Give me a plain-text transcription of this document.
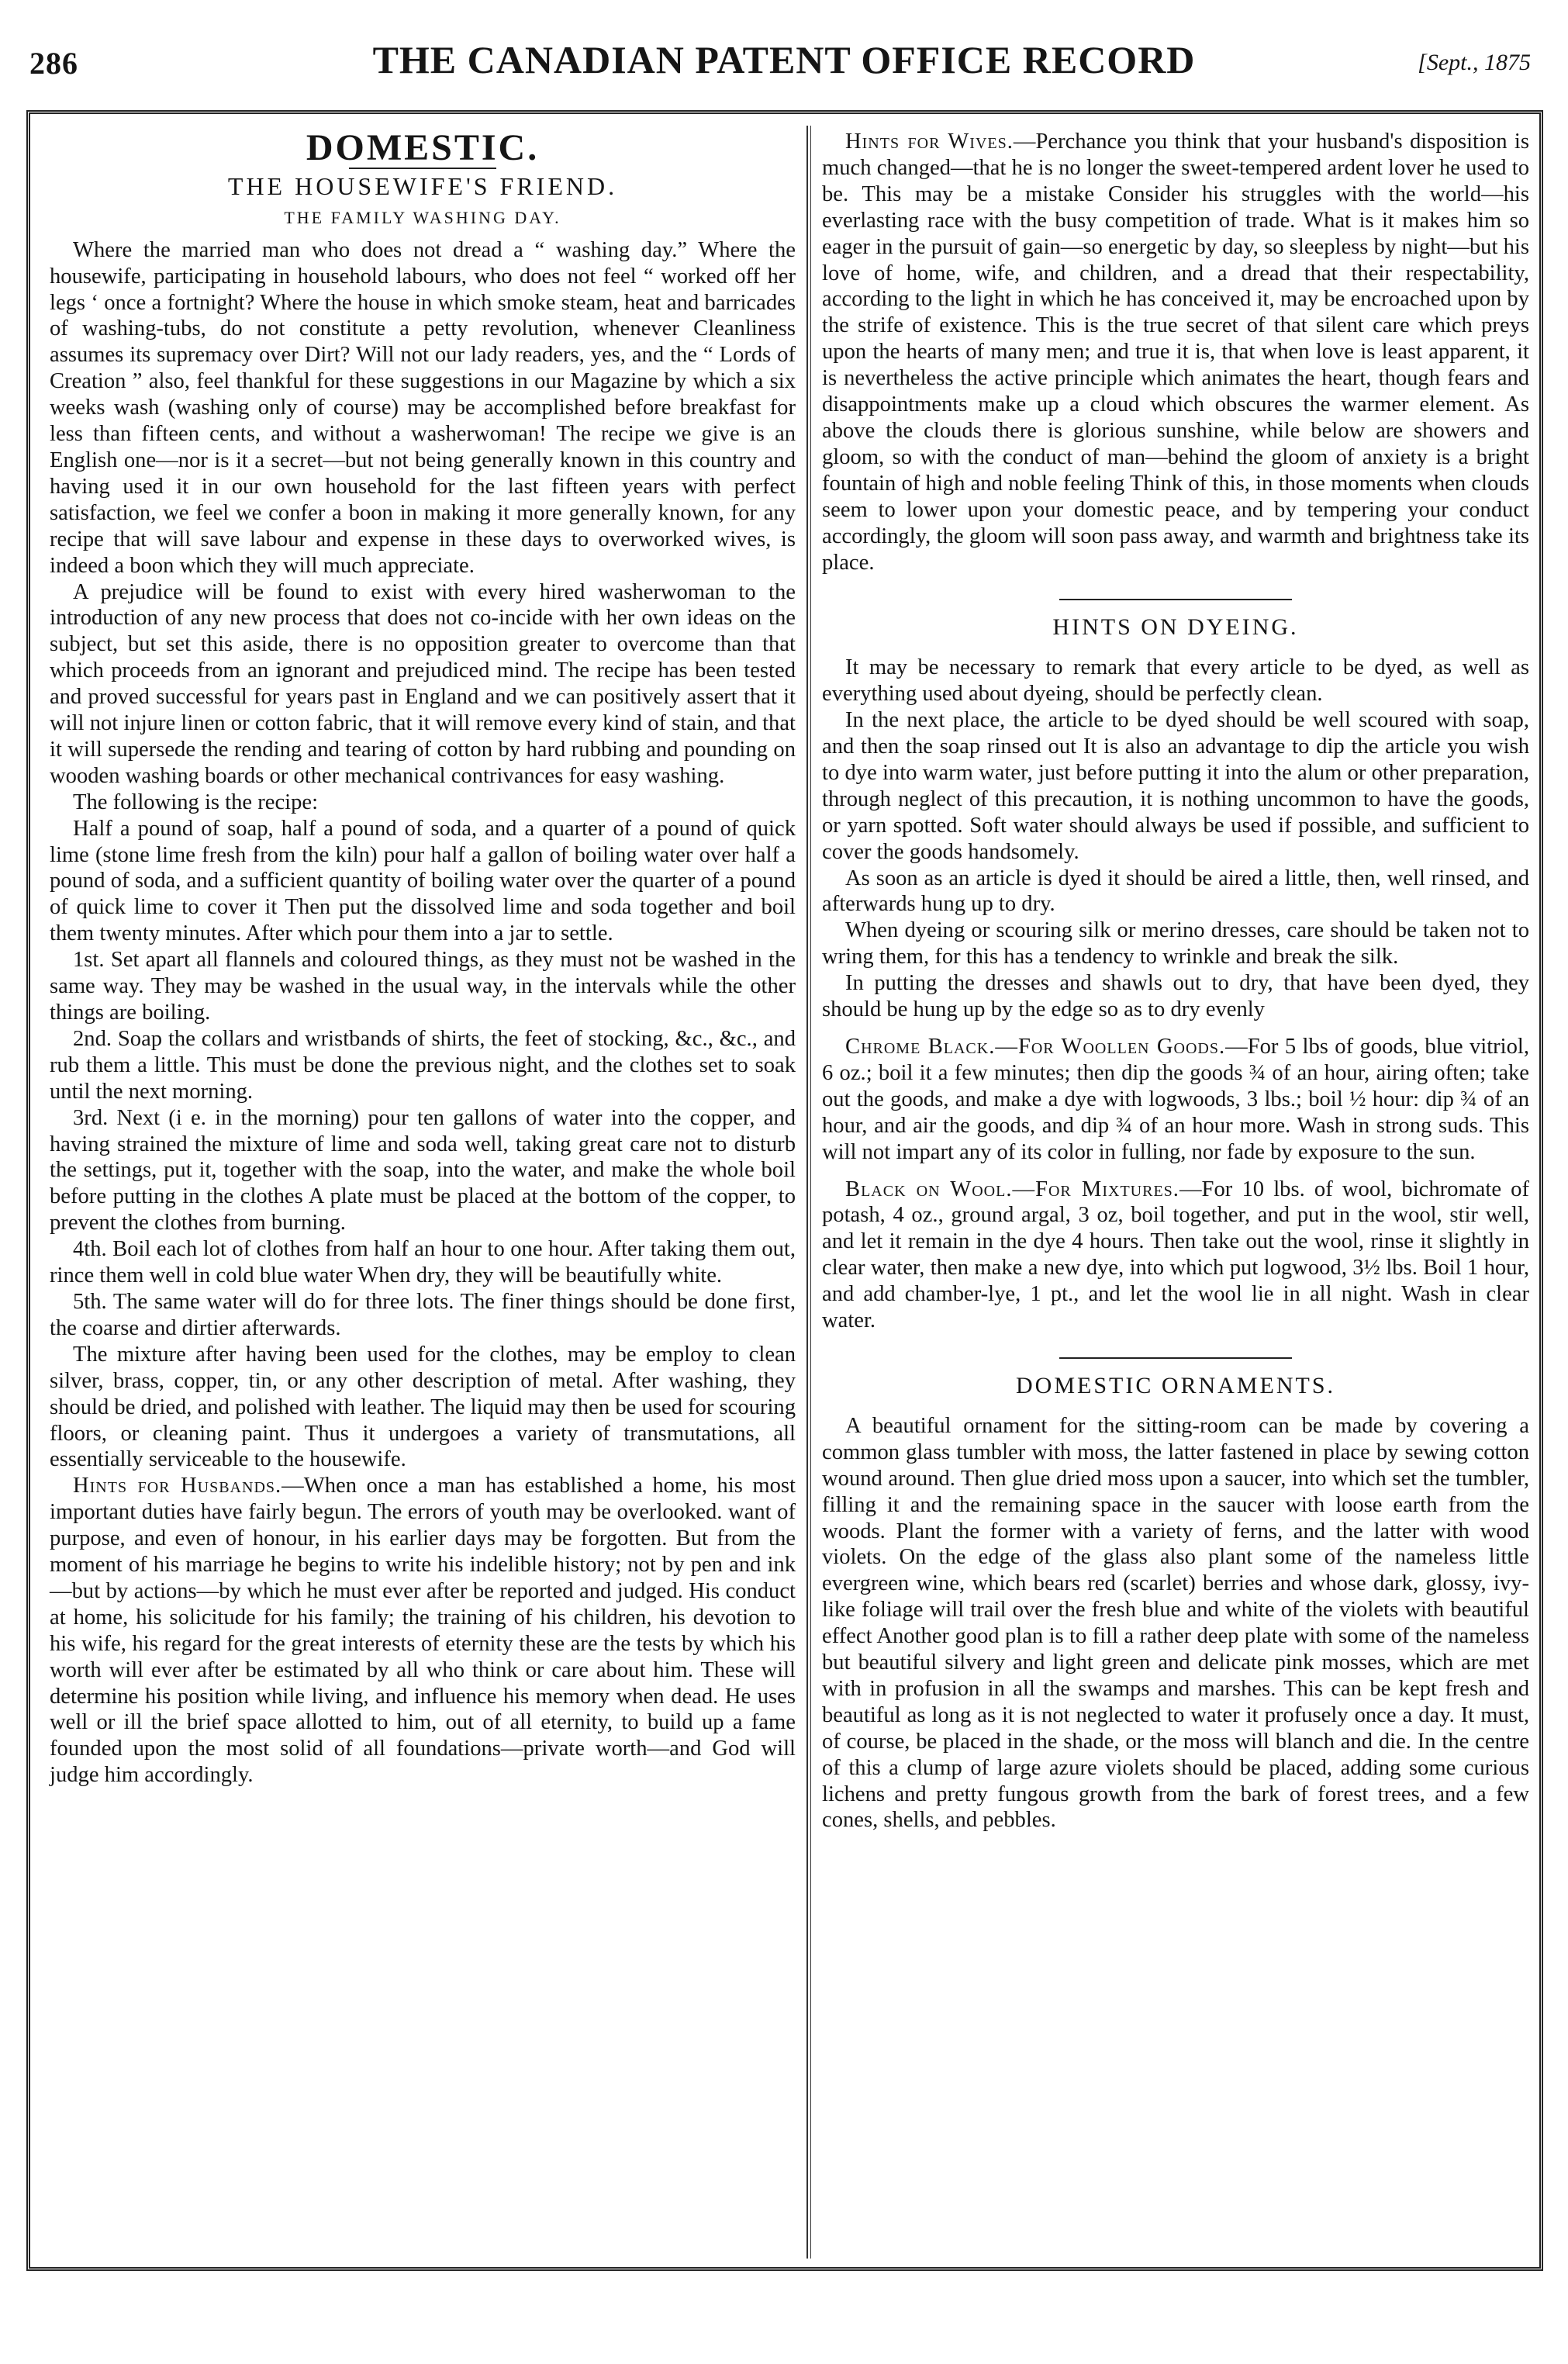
286	THE CANADIAN PATENT OFFICE RECORD	[Sept., 1875
DOMESTIC.
THE HOUSEWIFE'S FRIEND.
THE FAMILY WASHING DAY.

Where the married man who does not dread a “ washing day.” Where the housewife, participating in household labours, who does not feel “ worked off her legs ‘ once a fortnight? Where the house in which smoke steam, heat and barricades of washing-tubs, do not constitute a petty revolution, whenever Cleanliness assumes its supremacy over Dirt? Will not our lady readers, yes, and the “ Lords of Creation ” also, feel thankful for these suggestions in our Magazine by which a six weeks wash (washing only of course) may be accomplished before breakfast for less than fifteen cents, and without a washerwoman! The recipe we give is an English one—nor is it a secret—but not being generally known in this country and having used it in our own household for the last fifteen years with perfect satisfaction, we feel we confer a boon in making it more generally known, for any recipe that will save labour and expense in these days to overworked wives, is indeed a boon which they will much appreciate.

A prejudice will be found to exist with every hired washerwoman to the introduction of any new process that does not co-incide with her own ideas on the subject, but set this aside, there is no opposition greater to overcome than that which proceeds from an ignorant and prejudiced mind. The recipe has been tested and proved successful for years past in England and we can positively assert that it will not injure linen or cotton fabric, that it will remove every kind of stain, and that it will supersede the rending and tearing of cotton by hard rubbing and pounding on wooden washing boards or other mechanical contrivances for easy washing.

The following is the recipe:

Half a pound of soap, half a pound of soda, and a quarter of a pound of quick lime (stone lime fresh from the kiln) pour half a gallon of boiling water over half a pound of soda, and a sufficient quantity of boiling water over the quarter of a pound of quick lime to cover it Then put the dissolved lime and soda together and boil them twenty minutes. After which pour them into a jar to settle.

1st. Set apart all flannels and coloured things, as they must not be washed in the same way. They may be washed in the usual way, in the intervals while the other things are boiling.

2nd. Soap the collars and wristbands of shirts, the feet of stocking, &c., &c., and rub them a little. This must be done the previous night, and the clothes set to soak until the next morning.

3rd. Next (i e. in the morning) pour ten gallons of water into the copper, and having strained the mixture of lime and soda well, taking great care not to disturb the settings, put it, together with the soap, into the water, and make the whole boil before putting in the clothes A plate must be placed at the bottom of the copper, to prevent the clothes from burning.

4th. Boil each lot of clothes from half an hour to one hour. After taking them out, rince them well in cold blue water When dry, they will be beautifully white.

5th. The same water will do for three lots. The finer things should be done first, the coarse and dirtier afterwards.

The mixture after having been used for the clothes, may be employ to clean silver, brass, copper, tin, or any other description of metal. After washing, they should be dried, and polished with leather. The liquid may then be used for scouring floors, or cleaning paint. Thus it undergoes a variety of transmutations, all essentially serviceable to the housewife.

Hints for Husbands.—When once a man has established a home, his most important duties have fairly begun. The errors of youth may be overlooked. want of purpose, and even of honour, in his earlier days may be forgotten. But from the moment of his marriage he begins to write his indelible history; not by pen and ink—but by actions—by which he must ever after be reported and judged. His conduct at home, his solicitude for his family; the training of his children, his devotion to his wife, his regard for the great interests of eternity these are the tests by which his worth will ever after be estimated by all who think or care about him. These will determine his position while living, and influence his memory when dead. He uses well or ill the brief space allotted to him, out of all eternity, to build up a fame founded upon the most solid of all foundations—private worth—and God will judge him accordingly.

Hints for Wives.—Perchance you think that your husband's disposition is much changed—that he is no longer the sweet-tempered ardent lover he used to be. This may be a mistake Consider his struggles with the world—his everlasting race with the busy competition of trade. What is it makes him so eager in the pursuit of gain—so energetic by day, so sleepless by night—but his love of home, wife, and children, and a dread that their respectability, according to the light in which he has conceived it, may be encroached upon by the strife of existence. This is the true secret of that silent care which preys upon the hearts of many men; and true it is, that when love is least apparent, it is nevertheless the active principle which animates the heart, though fears and disappointments make up a cloud which obscures the warmer element. As above the clouds there is glorious sunshine, while below are showers and gloom, so with the conduct of man—behind the gloom of anxiety is a bright fountain of high and noble feeling Think of this, in those moments when clouds seem to lower upon your domestic peace, and by tempering your conduct accordingly, the gloom will soon pass away, and warmth and brightness take its place.

HINTS ON DYEING.

It may be necessary to remark that every article to be dyed, as well as everything used about dyeing, should be perfectly clean.

In the next place, the article to be dyed should be well scoured with soap, and then the soap rinsed out It is also an advantage to dip the article you wish to dye into warm water, just before putting it into the alum or other preparation, through neglect of this precaution, it is nothing uncommon to have the goods, or yarn spotted. Soft water should always be used if possible, and sufficient to cover the goods handsomely.

As soon as an article is dyed it should be aired a little, then, well rinsed, and afterwards hung up to dry.

When dyeing or scouring silk or merino dresses, care should be taken not to wring them, for this has a tendency to wrinkle and break the silk.

In putting the dresses and shawls out to dry, that have been dyed, they should be hung up by the edge so as to dry evenly

Chrome Black.—For Woollen Goods.—For 5 lbs of goods, blue vitriol, 6 oz.; boil it a few minutes; then dip the goods ¾ of an hour, airing often; take out the goods, and make a dye with logwoods, 3 lbs.; boil ½ hour: dip ¾ of an hour, and air the goods, and dip ¾ of an hour more. Wash in strong suds. This will not impart any of its color in fulling, nor fade by exposure to the sun.

Black on Wool.—For Mixtures.—For 10 lbs. of wool, bichromate of potash, 4 oz., ground argal, 3 oz, boil together, and put in the wool, stir well, and let it remain in the dye 4 hours. Then take out the wool, rinse it slightly in clear water, then make a new dye, into which put logwood, 3½ lbs. Boil 1 hour, and add chamber-lye, 1 pt., and let the wool lie in all night. Wash in clear water.

DOMESTIC ORNAMENTS.

A beautiful ornament for the sitting-room can be made by covering a common glass tumbler with moss, the latter fastened in place by sewing cotton wound around. Then glue dried moss upon a saucer, into which set the tumbler, filling it and the remaining space in the saucer with loose earth from the woods. Plant the former with a variety of ferns, and the latter with wood violets. On the edge of the glass also plant some of the nameless little evergreen wine, which bears red (scarlet) berries and whose dark, glossy, ivy-like foliage will trail over the fresh blue and white of the violets with beautiful effect Another good plan is to fill a rather deep plate with some of the nameless but beautiful silvery and light green and delicate pink mosses, which are met with in profusion in all the swamps and marshes. This can be kept fresh and beautiful as long as it is not neglected to water it profusely once a day. It must, of course, be placed in the shade, or the moss will blanch and die. In the centre of this a clump of large azure violets should be placed, adding some curious lichens and pretty fungous growth from the bark of forest trees, and a few cones, shells, and pebbles.
